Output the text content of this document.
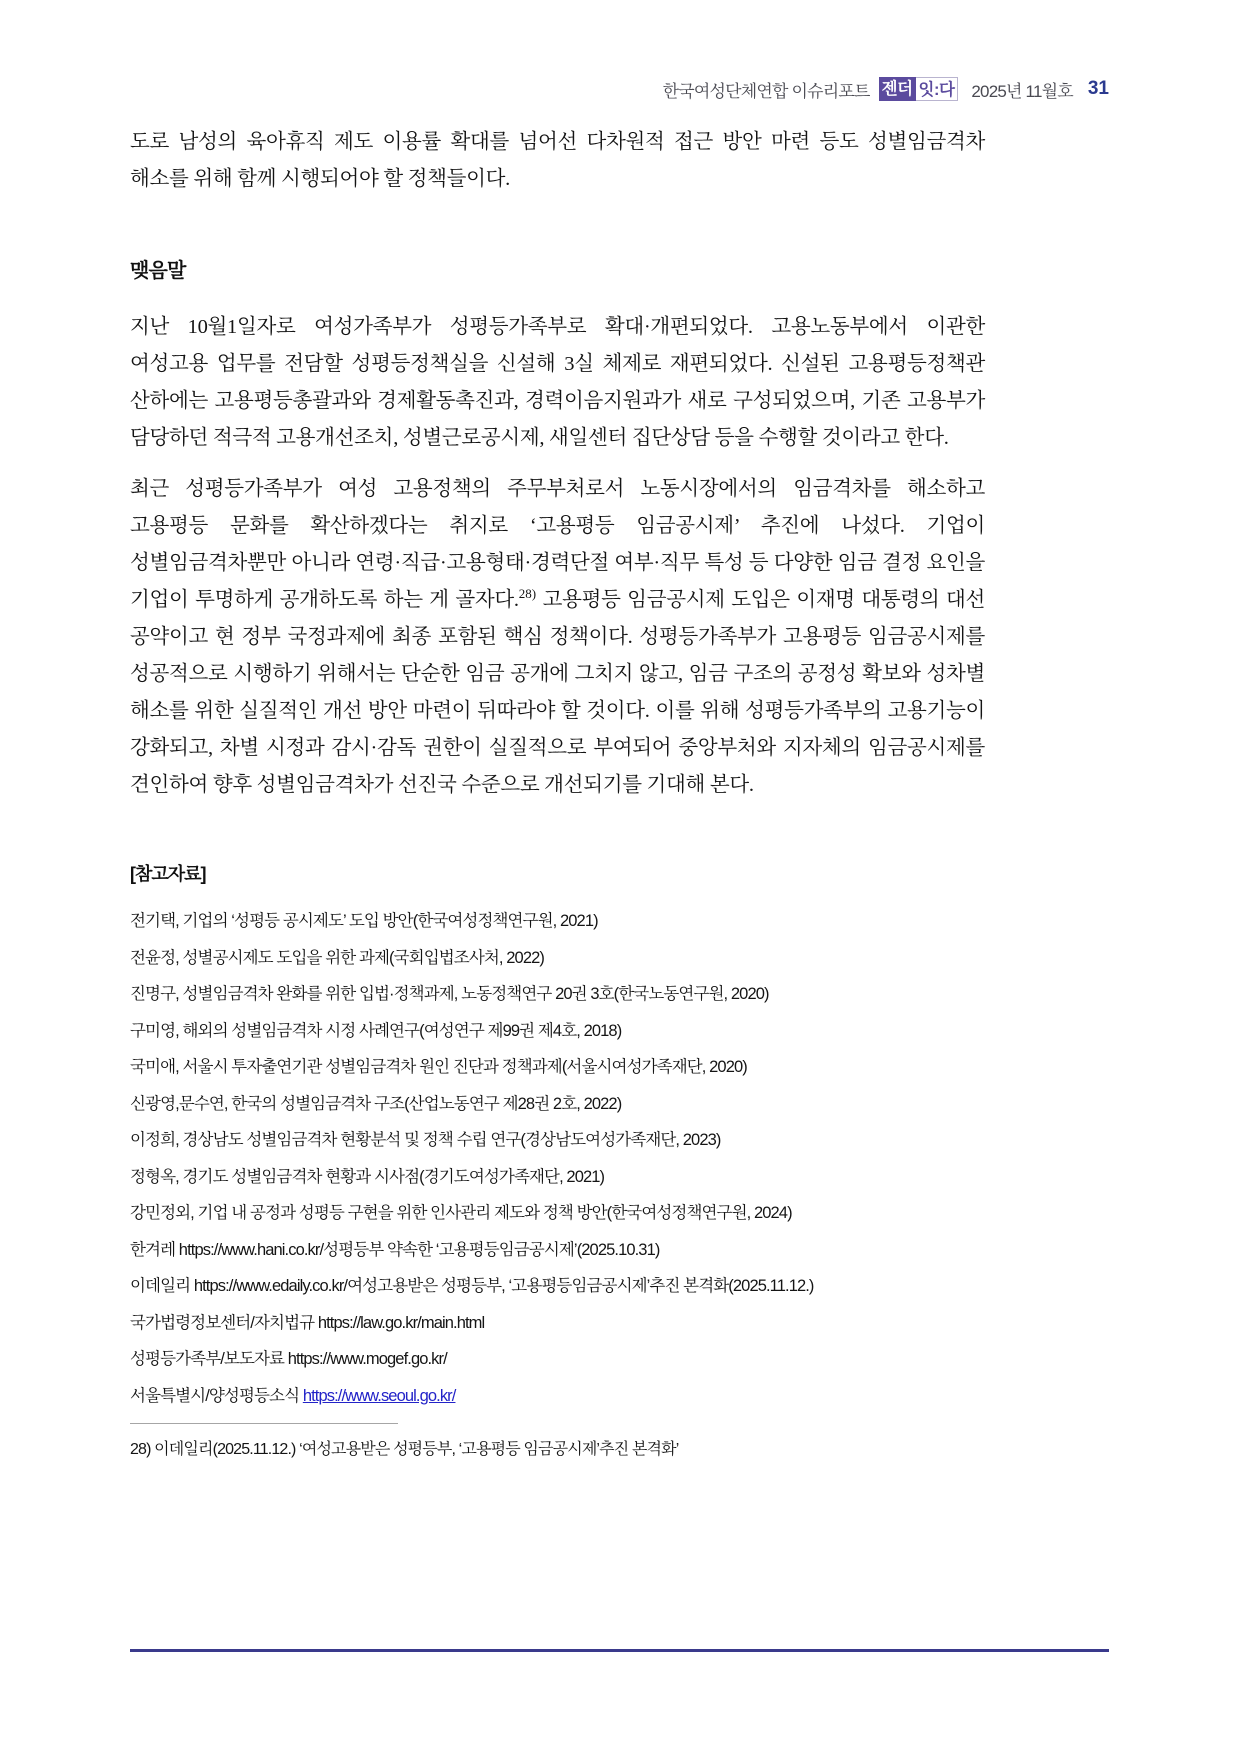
한국여성단체연합 이슈리포트 젠더 잇:다 2025년 11월호 31

도로 남성의 육아휴직 제도 이용률 확대를 넘어선 다차원적 접근 방안 마련 등도 성별임금격차 해소를 위해 함께 시행되어야 할 정책들이다.

맺음말

지난 10월1일자로 여성가족부가 성평등가족부로 확대·개편되었다. 고용노동부에서 이관한 여성고용 업무를 전담할 성평등정책실을 신설해 3실 체제로 재편되었다. 신설된 고용평등정책관 산하에는 고용평등총괄과와 경제활동촉진과, 경력이음지원과가 새로 구성되었으며, 기존 고용부가 담당하던 적극적 고용개선조치, 성별근로공시제, 새일센터 집단상담 등을 수행할 것이라고 한다.

최근 성평등가족부가 여성 고용정책의 주무부처로서 노동시장에서의 임금격차를 해소하고 고용평등 문화를 확산하겠다는 취지로 ‘고용평등 임금공시제’ 추진에 나섰다. 기업이 성별임금격차뿐만 아니라 연령·직급·고용형태·경력단절 여부·직무 특성 등 다양한 임금 결정 요인을 기업이 투명하게 공개하도록 하는 게 골자다.$^{28)}$ 고용평등 임금공시제 도입은 이재명 대통령의 대선 공약이고 현 정부 국정과제에 최종 포함된 핵심 정책이다. 성평등가족부가 고용평등 임금공시제를 성공적으로 시행하기 위해서는 단순한 임금 공개에 그치지 않고, 임금 구조의 공정성 확보와 성차별 해소를 위한 실질적인 개선 방안 마련이 뒤따라야 할 것이다. 이를 위해 성평등가족부의 고용기능이 강화되고, 차별 시정과 감시·감독 권한이 실질적으로 부여되어 중앙부처와 지자체의 임금공시제를 견인하여 향후 성별임금격차가 선진국 수준으로 개선되기를 기대해 본다.

[참고자료]
전기택, 기업의 ‘성평등 공시제도’ 도입 방안(한국여성정책연구원, 2021)
전윤정, 성별공시제도 도입을 위한 과제(국회입법조사처, 2022)
진명구, 성별임금격차 완화를 위한 입법·정책과제, 노동정책연구 20권 3호(한국노동연구원, 2020)
구미영, 해외의 성별임금격차 시정 사례연구(여성연구 제99권 제4호, 2018)
국미애, 서울시 투자출연기관 성별임금격차 원인 진단과 정책과제(서울시여성가족재단, 2020)
신광영,문수연, 한국의 성별임금격차 구조(산업노동연구 제28권 2호, 2022)
이정희, 경상남도 성별임금격차 현황분석 및 정책 수립 연구(경상남도여성가족재단, 2023)
정형옥, 경기도 성별임금격차 현황과 시사점(경기도여성가족재단, 2021)
강민정외, 기업 내 공정과 성평등 구현을 위한 인사관리 제도와 정책 방안(한국여성정책연구원, 2024)
한겨레 https://www.hani.co.kr/성평등부 약속한 ‘고용평등임금공시제’(2025.10.31)
이데일리 https://www.edaily.co.kr/여성고용받은 성평등부, ‘고용평등임금공시제’추진 본격화(2025.11.12.)
국가법령정보센터/자치법규 https://law.go.kr/main.html
성평등가족부/보도자료 https://www.mogef.go.kr/
서울특별시/양성평등소식 https://www.seoul.go.kr/
28) 이데일리(2025.11.12.) ‘여성고용받은 성평등부, ‘고용평등 임금공시제’추진 본격화’
